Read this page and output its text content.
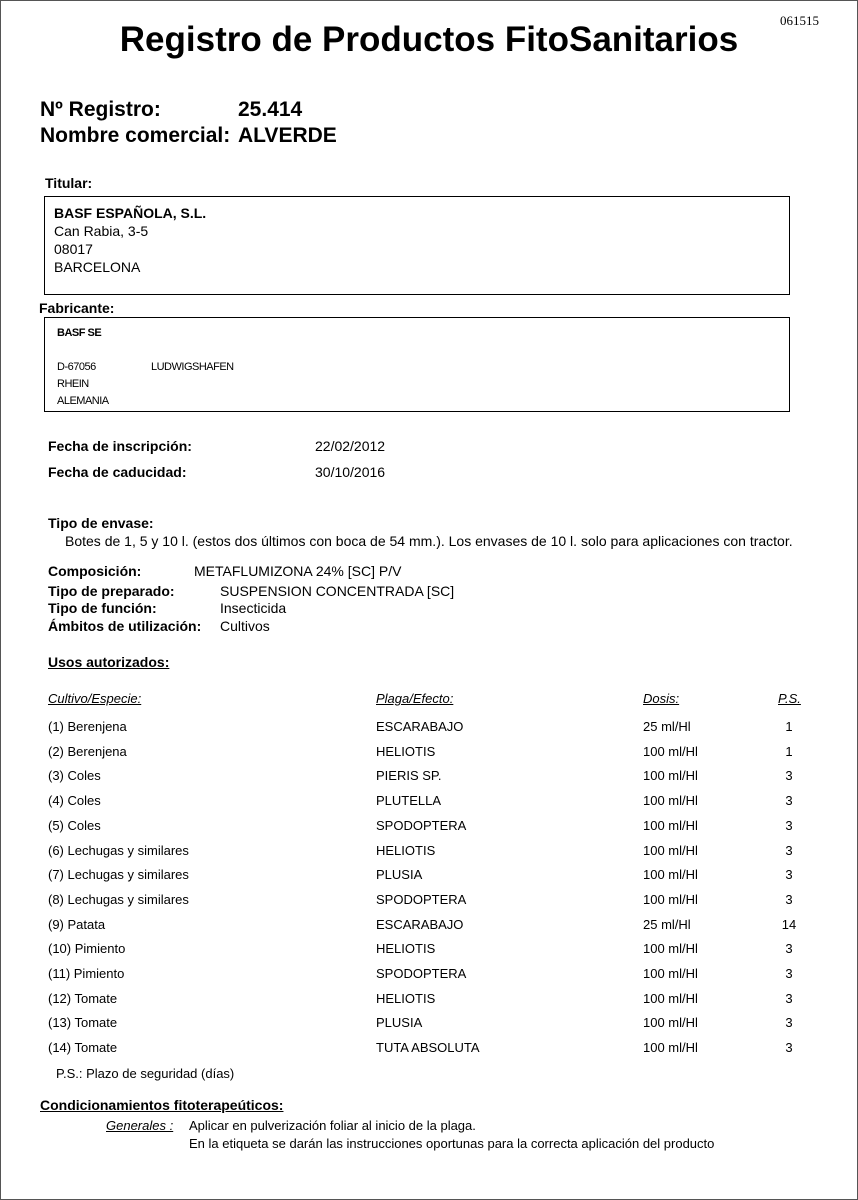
061515
Registro de Productos FitoSanitarios
Nº Registro:	25.414
Nombre comercial: ALVERDE
Titular:
BASF ESPAÑOLA, S.L.
Can Rabia, 3-5
08017
BARCELONA
Fabricante:
BASF SE
D-67056	LUDWIGSHAFEN
RHEIN
ALEMANIA
Fecha de inscripción:	22/02/2012
Fecha de caducidad:	30/10/2016
Tipo de envase:
Botes de 1, 5 y 10 l. (estos dos últimos con boca de 54 mm.). Los envases de 10 l. solo para aplicaciones con tractor.
Composición:	METAFLUMIZONA 24% [SC] P/V
Tipo de preparado:	SUSPENSION CONCENTRADA [SC]
Tipo de función:	Insecticida
Ámbitos de utilización: Cultivos
Usos autorizados:
Cultivo/Especie:	Plaga/Efecto:	Dosis:	P.S.
(1) Berenjena	ESCARABAJO	25 ml/Hl	1
(2) Berenjena	HELIOTIS	100 ml/Hl	1
(3) Coles	PIERIS SP.	100 ml/Hl	3
(4) Coles	PLUTELLA	100 ml/Hl	3
(5) Coles	SPODOPTERA	100 ml/Hl	3
(6) Lechugas y similares	HELIOTIS	100 ml/Hl	3
(7) Lechugas y similares	PLUSIA	100 ml/Hl	3
(8) Lechugas y similares	SPODOPTERA	100 ml/Hl	3
(9) Patata	ESCARABAJO	25 ml/Hl	14
(10) Pimiento	HELIOTIS	100 ml/Hl	3
(11) Pimiento	SPODOPTERA	100 ml/Hl	3
(12) Tomate	HELIOTIS	100 ml/Hl	3
(13) Tomate	PLUSIA	100 ml/Hl	3
(14) Tomate	TUTA ABSOLUTA	100 ml/Hl	3
P.S.: Plazo de seguridad (días)
Condicionamientos fitoterapeúticos:
Generales : Aplicar en pulverización foliar al inicio de la plaga.
En la etiqueta se darán las instrucciones oportunas para la correcta aplicación del producto
